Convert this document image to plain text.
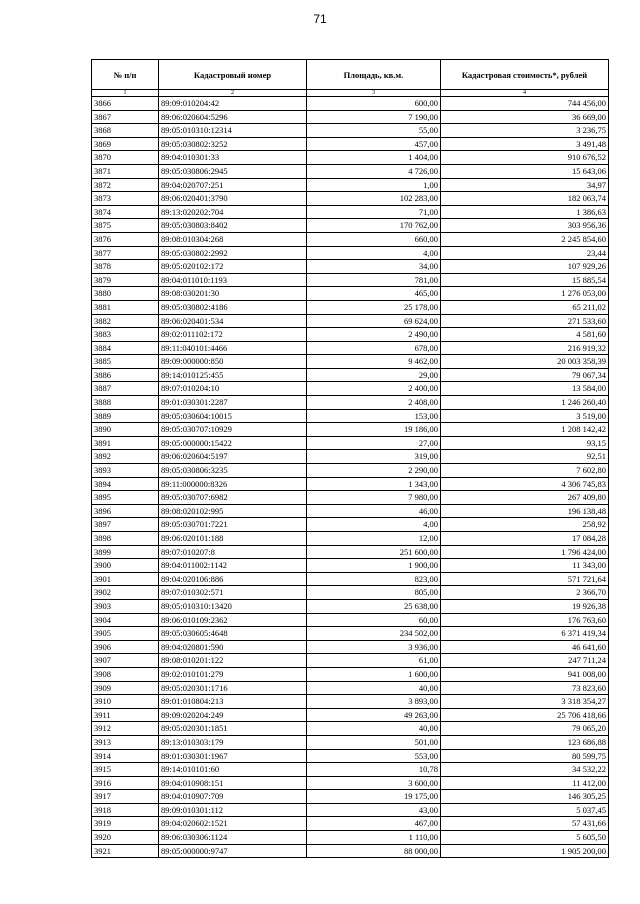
71
№ п/п	Кадастровый номер	Площадь, кв.м.	Кадастровая стоимость*, рублей
1	2	3	4
3866	89:09:010204:42	600,00	744 456,00
3867	89:06:020604:5296	7 190,00	36 669,00
3868	89:05:010310:12314	55,00	3 236,75
3869	89:05:030802:3252	457,00	3 491,48
3870	89:04:010301:33	1 404,00	910 676,52
3871	89:05:030806:2945	4 726,00	15 643,06
3872	89:04:020707:251	1,00	34,97
3873	89:06:020401:3790	102 283,00	182 063,74
3874	89:13:020202:704	71,00	1 386,63
3875	89:05:030803:8402	170 762,00	303 956,36
3876	89:08:010304:268	660,00	2 245 854,60
3877	89:05:030802:2992	4,00	23,44
3878	89:05:020102:172	34,00	107 929,26
3879	89:04:011010:1193	781,00	15 885,54
3880	89:08:030201:30	465,00	1 276 053,00
3881	89:05:030802:4186	25 178,00	65 211,02
3882	89:06:020401:534	69 624,00	271 533,60
3883	89:02:011102:172	2 490,00	4 581,60
3884	89:11:040101:4466	678,00	216 919,32
3885	89:09:000000:850	9 462,00	20 003 358,39
3886	89:14:010125:455	29,00	79 067,34
3887	89:07:010204:10	2 400,00	13 584,00
3888	89:01:030301:2287	2 408,00	1 246 260,40
3889	89:05:030604:10015	153,00	3 519,00
3890	89:05:030707:10929	19 186,00	1 208 142,42
3891	89:05:000000:15422	27,00	93,15
3892	89:06:020604:5197	319,00	92,51
3893	89:05:030806:3235	2 290,00	7 602,80
3894	89:11:000000:8326	1 343,00	4 306 745,83
3895	89:05:030707:6982	7 980,00	267 409,80
3896	89:08:020102:995	46,00	196 138,48
3897	89:05:030701:7221	4,00	258,92
3898	89:06:020101:188	12,00	17 084,28
3899	89:07:010207:8	251 600,00	1 796 424,00
3900	89:04:011002:1142	1 900,00	11 343,00
3901	89:04:020106:886	823,00	571 721,64
3902	89:07:010302:571	805,00	2 366,70
3903	89:05:010310:13420	25 638,00	19 926,38
3904	89:06:010109:2362	60,00	176 763,60
3905	89:05:030605:4648	234 502,00	6 371 419,34
3906	89:04:020801:590	3 936,00	46 641,60
3907	89:08:010201:122	61,00	247 711,24
3908	89:02:010101:279	1 600,00	941 008,00
3909	89:05:020301:1716	40,00	73 823,60
3910	89:01:010804:213	3 893,00	3 318 354,27
3911	89:09:020204:249	49 263,00	25 706 418,66
3912	89:05:020301:1851	40,00	79 065,20
3913	89:13:010303:179	501,00	123 686,88
3914	89:01:030301:1967	553,00	80 599,75
3915	89:14:010101:60	10,78	34 532,22
3916	89:04:010908:151	3 600,00	11 412,00
3917	89:04:010907:709	19 175,00	146 305,25
3918	89:09:010301:112	43,00	5 037,45
3919	89:04:020602:1521	467,00	57 431,66
3920	89:06:030306:1124	1 110,00	5 605,50
3921	89:05:000000:9747	88 000,00	1 905 200,00
